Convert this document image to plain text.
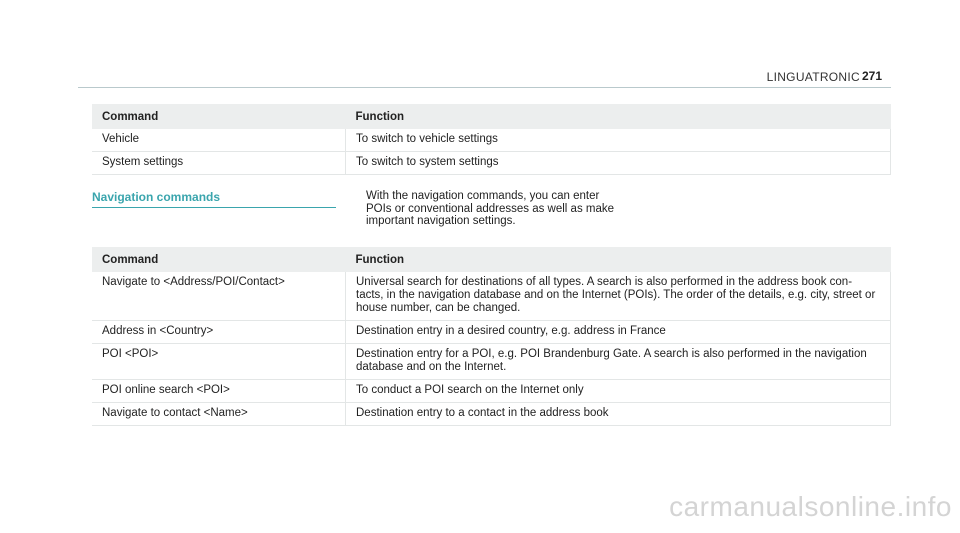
LINGUATRONIC 271
Command	Function
Vehicle	To switch to vehicle settings
System settings	To switch to system settings
Navigation commands	With the navigation commands, you can enter
POIs or conventional addresses as well as make
important navigation settings.
Command	Function
Navigate to <Address/POI/Contact>	Universal search for destinations of all types. A search is also performed in the address book con- tacts, in the navigation database and on the Internet (POIs). The order of the details, e.g. city, street or house number, can be changed.
Address in <Country>	Destination entry in a desired country, e.g. address in France
POI <POI>	Destination entry for a POI, e.g. POI Brandenburg Gate. A search is also performed in the navigation database and on the Internet.
POI online search <POI>	To conduct a POI search on the Internet only
Navigate to contact <Name>	Destination entry to a contact in the address book
carmanualsonline.info
